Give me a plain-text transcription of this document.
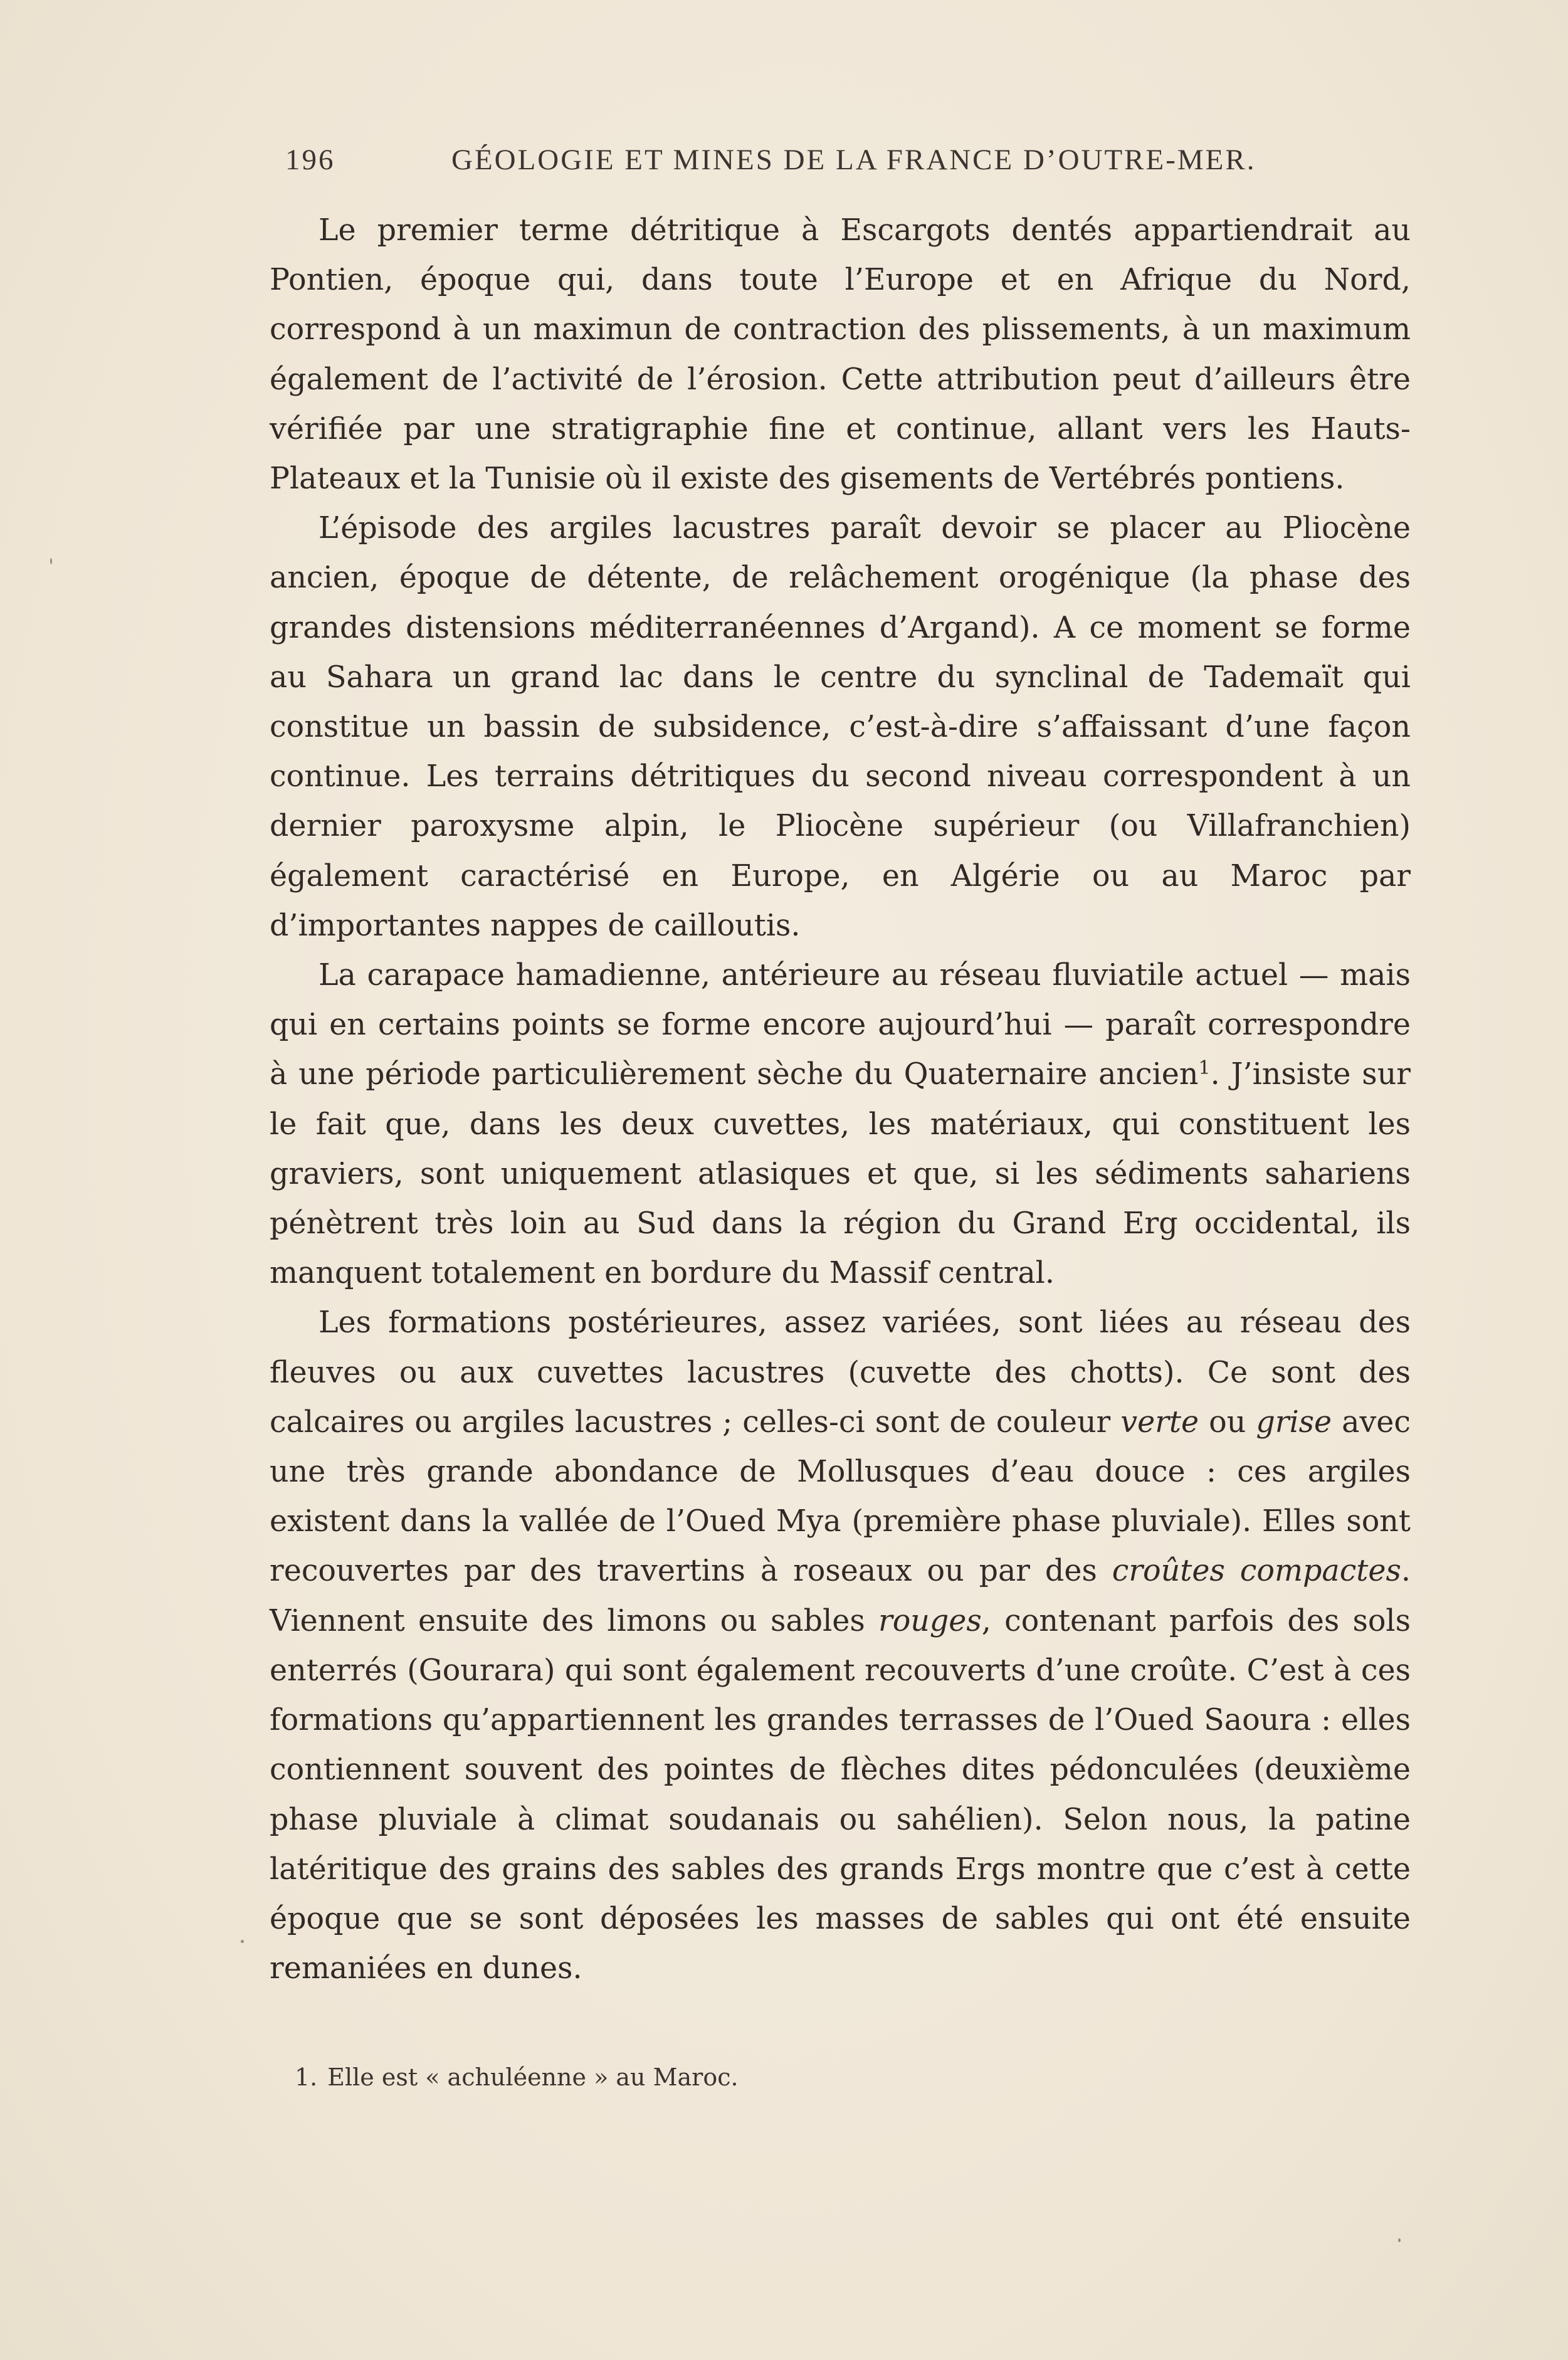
196	GÉOLOGIE ET MINES DE LA FRANCE D’OUTRE-MER.

Le premier terme détritique à Escargots dentés appartiendrait au Pontien, époque qui, dans toute l’Europe et en Afrique du Nord, correspond à un maximun de contraction des plissements, à un maximum également de l’activité de l’érosion. Cette attribution peut d’ailleurs être vérifiée par une stratigraphie fine et continue, allant vers les Hauts-Plateaux et la Tunisie où il existe des gisements de Vertébrés pontiens.

L’épisode des argiles lacustres paraît devoir se placer au Pliocène ancien, époque de détente, de relâchement orogénique (la phase des grandes distensions méditerranéennes d’Argand). A ce moment se forme au Sahara un grand lac dans le centre du synclinal de Tademaït qui constitue un bassin de subsidence, c’est-à-dire s’affaissant d’une façon continue. Les terrains détritiques du second niveau correspondent à un dernier paroxysme alpin, le Pliocène supérieur (ou Villafranchien) également caractérisé en Europe, en Algérie ou au Maroc par d’importantes nappes de cailloutis.

La carapace hamadienne, antérieure au réseau fluviatile actuel — mais qui en certains points se forme encore aujourd’hui — paraît correspondre à une période particulièrement sèche du Quaternaire ancien$^1$. J’insiste sur le fait que, dans les deux cuvettes, les matériaux, qui constituent les graviers, sont uniquement atlasiques et que, si les sédiments sahariens pénètrent très loin au Sud dans la région du Grand Erg occidental, ils manquent totalement en bordure du Massif central.

Les formations postérieures, assez variées, sont liées au réseau des fleuves ou aux cuvettes lacustres (cuvette des chotts). Ce sont des calcaires ou argiles lacustres ; celles-ci sont de couleur verte ou grise avec une très grande abondance de Mollusques d’eau douce : ces argiles existent dans la vallée de l’Oued Mya (première phase pluviale). Elles sont recouvertes par des travertins à roseaux ou par des croûtes compactes. Viennent ensuite des limons ou sables rouges, contenant parfois des sols enterrés (Gourara) qui sont également recouverts d’une croûte. C’est à ces formations qu’appartiennent les grandes terrasses de l’Oued Saoura : elles contiennent souvent des pointes de flèches dites pédonculées (deuxième phase pluviale à climat soudanais ou sahélien). Selon nous, la patine latéritique des grains des sables des grands Ergs montre que c’est à cette époque que se sont déposées les masses de sables qui ont été ensuite remaniées en dunes.

1. Elle est « achuléenne » au Maroc.
